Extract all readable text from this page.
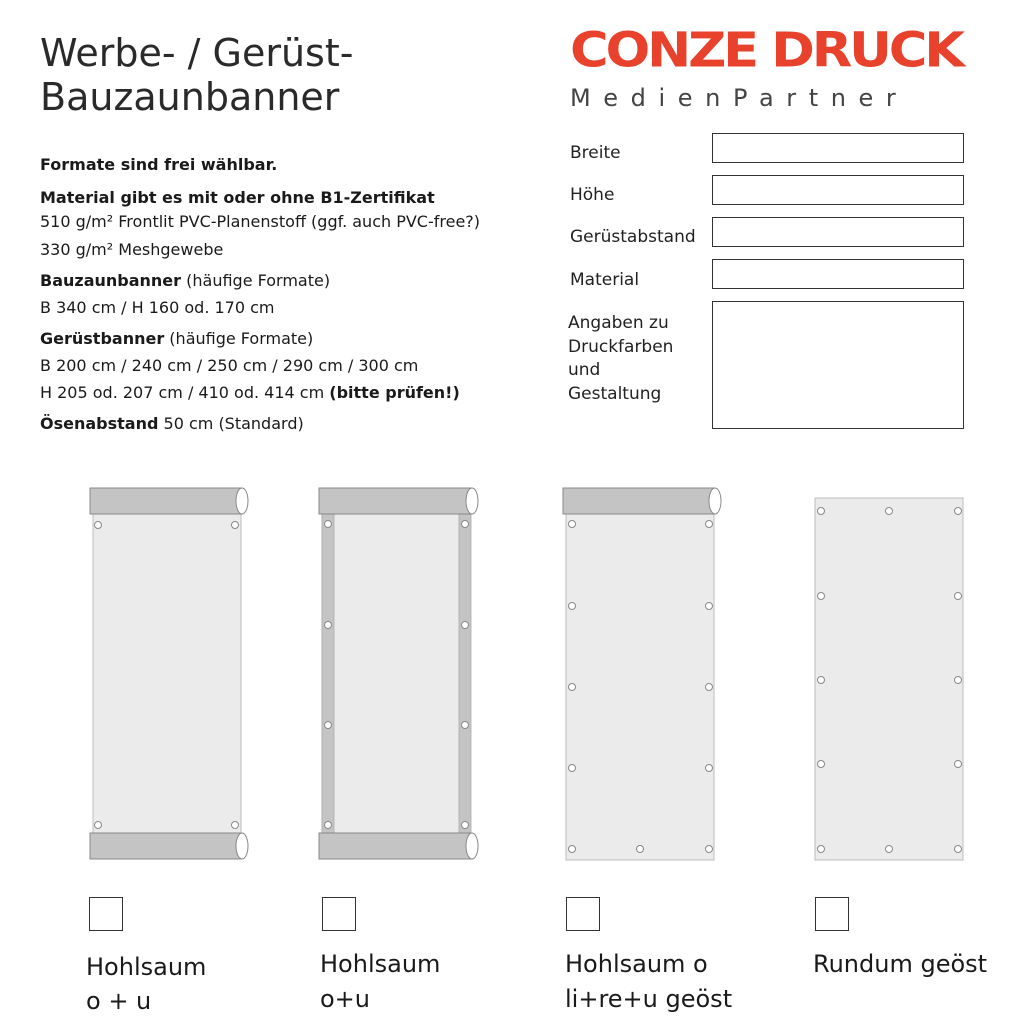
Werbe- / Gerüst-
Bauzaunbanner
CONZE DRUCK
MedienPartner
Formate sind frei wählbar.
Material gibt es mit oder ohne B1-Zertifikat
510 g/m² Frontlit PVC-Planenstoff (ggf. auch PVC-free?)
330 g/m² Meshgewebe
Bauzaunbanner (häufige Formate)
B 340 cm / H 160 od. 170 cm
Gerüstbanner (häufige Formate)
B 200 cm / 240 cm / 250 cm / 290 cm / 300 cm
H 205 od. 207 cm / 410 od. 414 cm (bitte prüfen!)
Ösenabstand 50 cm (Standard)
Breite
Höhe
Gerüstabstand
Material
Angaben zu
Druckfarben
und
Gestaltung
Hohlsaum
o + u
Hohlsaum
o+u
Hohlsaum o
li+re+u geöst
Rundum geöst
